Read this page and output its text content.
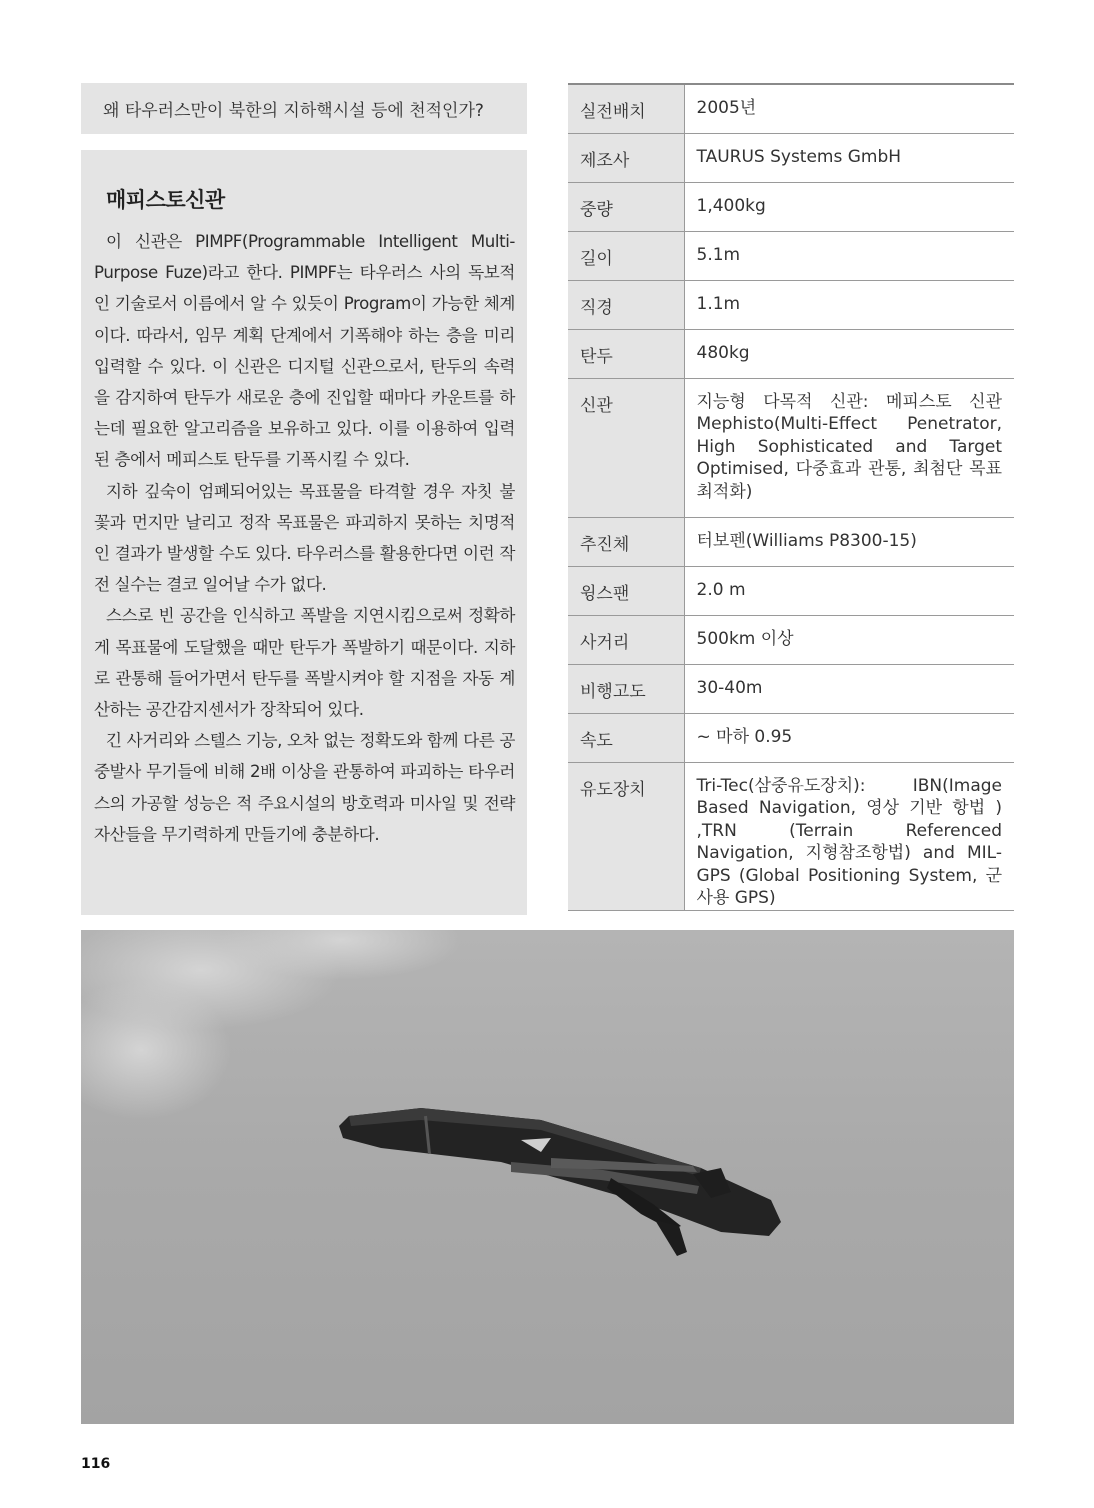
왜 타우러스만이 북한의 지하핵시설 등에 천적인가?
매피스토신관

이 신관은 PIMPF(Programmable Intelligent Multi-Purpose Fuze)라고 한다. PIMPF는 타우러스 사의 독보적인 기술로서 이름에서 알 수 있듯이 Program이 가능한 체계이다. 따라서, 임무 계획 단계에서 기폭해야 하는 층을 미리 입력할 수 있다. 이 신관은 디지털 신관으로서, 탄두의 속력을 감지하여 탄두가 새로운 층에 진입할 때마다 카운트를 하는데 필요한 알고리즘을 보유하고 있다. 이를 이용하여 입력된 층에서 메피스토 탄두를 기폭시킬 수 있다.

지하 깊숙이 엄폐되어있는 목표물을 타격할 경우 자칫 불꽃과 먼지만 날리고 정작 목표물은 파괴하지 못하는 치명적인 결과가 발생할 수도 있다. 타우러스를 활용한다면 이런 작전 실수는 결코 일어날 수가 없다.

스스로 빈 공간을 인식하고 폭발을 지연시킴으로써 정확하게 목표물에 도달했을 때만 탄두가 폭발하기 때문이다. 지하로 관통해 들어가면서 탄두를 폭발시켜야 할 지점을 자동 계산하는 공간감지센서가 장착되어 있다.

긴 사거리와 스텔스 기능, 오차 없는 정확도와 함께 다른 공중발사 무기들에 비해 2배 이상을 관통하여 파괴하는 타우러스의 가공할 성능은 적 주요시설의 방호력과 미사일 및 전략자산들을 무기력하게 만들기에 충분하다.

실전배치	2005년
제조사	TAURUS Systems GmbH
중량	1,400kg
길이	5.1m
직경	1.1m
탄두	480kg
신관	지능형 다목적 신관: 메피스토 신관 Mephisto(Multi-Effect Penetrator, High Sophisticated and Target Optimised, 다중효과 관통, 최첨단 목표 최적화)
추진체	터보펜(Williams P8300-15)
윙스팬	2.0 m
사거리	500km 이상
비행고도	30-40m
속도	~ 마하 0.95
유도장치	Tri-Tec(삼중유도장치): IBN(Image Based Navigation, 영상 기반 항법 ) ,TRN (Terrain Referenced Navigation, 지형참조항법) and MIL-GPS (Global Positioning System, 군사용 GPS)
116
